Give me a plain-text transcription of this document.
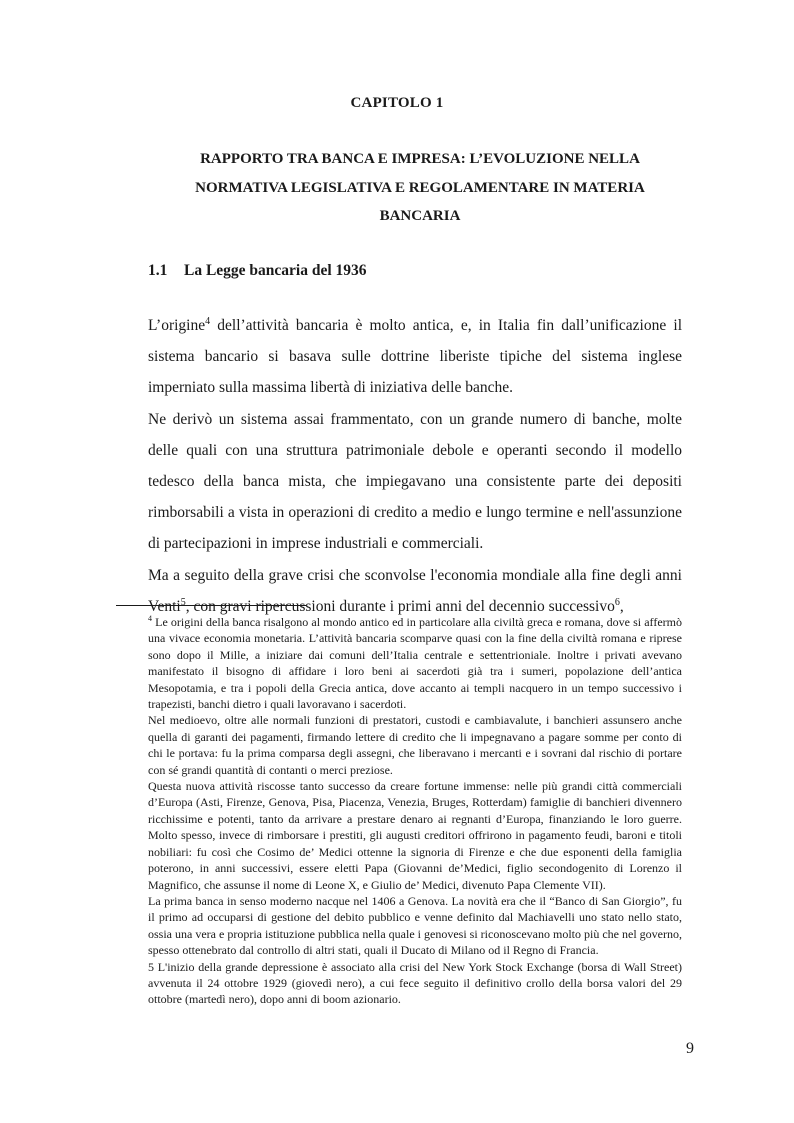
CAPITOLO 1
RAPPORTO TRA BANCA E IMPRESA: L’EVOLUZIONE NELLA NORMATIVA LEGISLATIVA E REGOLAMENTARE IN MATERIA BANCARIA
1.1 La Legge bancaria del 1936

L’origine$^4$ dell’attività bancaria è molto antica, e, in Italia fin dall’unificazione il sistema bancario si basava sulle dottrine liberiste tipiche del sistema inglese imperniato sulla massima libertà di iniziativa delle banche.

Ne derivò un sistema assai frammentato, con un grande numero di banche, molte delle quali con una struttura patrimoniale debole e operanti secondo il modello tedesco della banca mista, che impiegavano una consistente parte dei depositi rimborsabili a vista in operazioni di credito a medio e lungo termine e nell'assunzione di partecipazioni in imprese industriali e commerciali.

Ma a seguito della grave crisi che sconvolse l'economia mondiale alla fine degli anni Venti$^5$, con gravi ripercussioni durante i primi anni del decennio successivo$^6$,

$^4$ Le origini della banca risalgono al mondo antico ed in particolare alla civiltà greca e romana, dove si affermò una vivace economia monetaria. L’attività bancaria scomparve quasi con la fine della civiltà romana e riprese sono dopo il Mille, a iniziare dai comuni dell’Italia centrale e settentrioniale. Inoltre i privati avevano manifestato il bisogno di affidare i loro beni ai sacerdoti già tra i sumeri, popolazione dell’antica Mesopotamia, e tra i popoli della Grecia antica, dove accanto ai templi nacquero in un tempo successivo i trapezisti, banchi dietro i quali lavoravano i sacerdoti.

Nel medioevo, oltre alle normali funzioni di prestatori, custodi e cambiavalute, i banchieri assunsero anche quella di garanti dei pagamenti, firmando lettere di credito che li impegnavano a pagare somme per conto di chi le portava: fu la prima comparsa degli assegni, che liberavano i mercanti e i sovrani dal rischio di portare con sé grandi quantità di contanti o merci preziose.

Questa nuova attività riscosse tanto successo da creare fortune immense: nelle più grandi città commerciali d’Europa (Asti, Firenze, Genova, Pisa, Piacenza, Venezia, Bruges, Rotterdam) famiglie di banchieri divennero ricchissime e potenti, tanto da arrivare a prestare denaro ai regnanti d’Europa, finanziando le loro guerre. Molto spesso, invece di rimborsare i prestiti, gli augusti creditori offrirono in pagamento feudi, baroni e titoli nobiliari: fu così che Cosimo de’ Medici ottenne la signoria di Firenze e che due esponenti della famiglia poterono, in anni successivi, essere eletti Papa (Giovanni de’Medici, figlio secondogenito di Lorenzo il Magnifico, che assunse il nome di Leone X, e Giulio de’ Medici, divenuto Papa Clemente VII).

La prima banca in senso moderno nacque nel 1406 a Genova. La novità era che il “Banco di San Giorgio”, fu il primo ad occuparsi di gestione del debito pubblico e venne definito dal Machiavelli uno stato nello stato, ossia una vera e propria istituzione pubblica nella quale i genovesi si riconoscevano molto più che nel governo, spesso ottenebrato dal controllo di altri stati, quali il Ducato di Milano od il Regno di Francia.

5 L'inizio della grande depressione è associato alla crisi del New York Stock Exchange (borsa di Wall Street) avvenuta il 24 ottobre 1929 (giovedì nero), a cui fece seguito il definitivo crollo della borsa valori del 29 ottobre (martedì nero), dopo anni di boom azionario.

9
